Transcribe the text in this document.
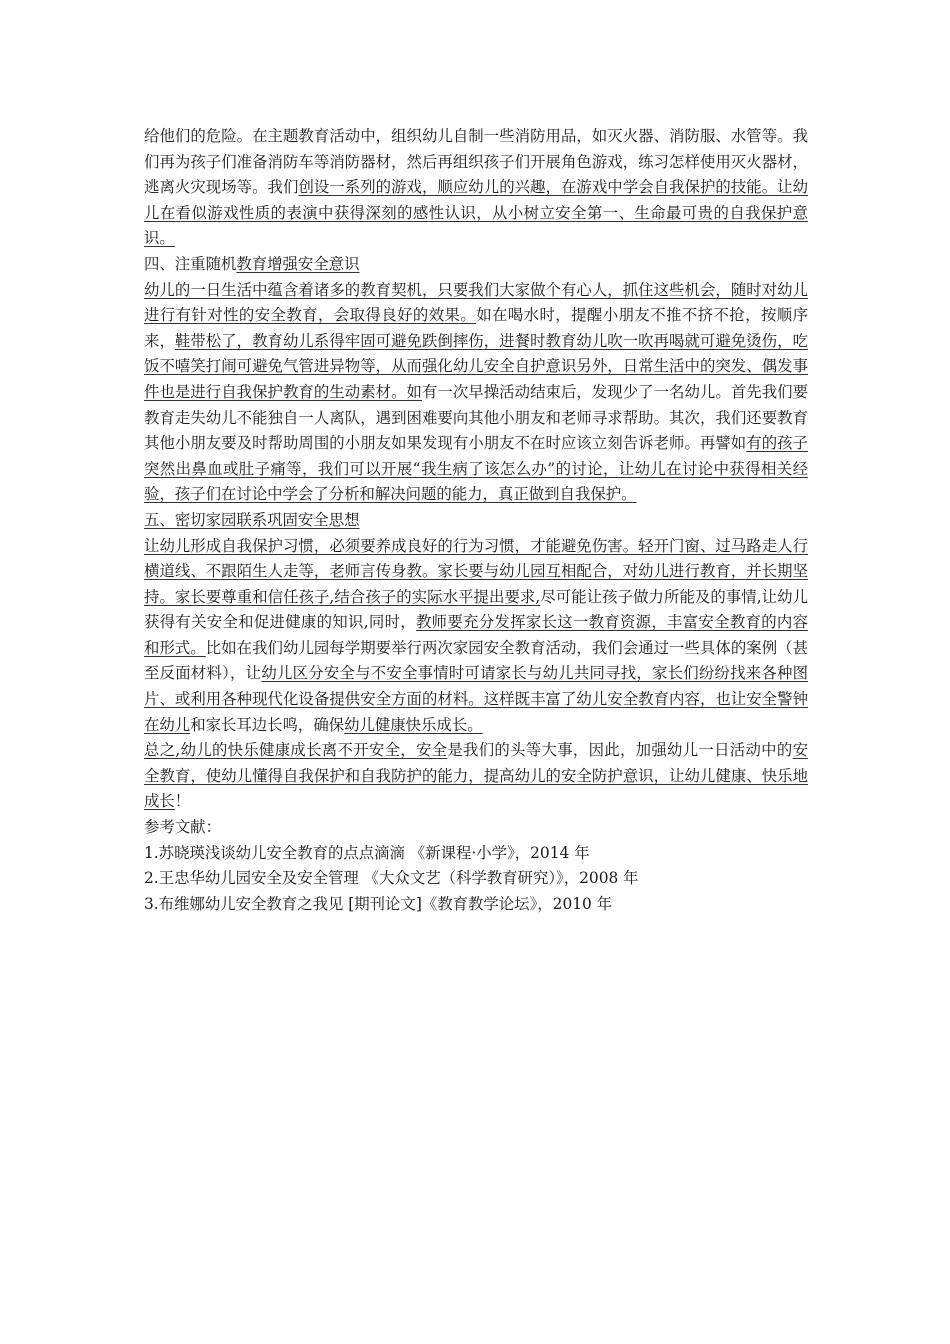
给他们的危险。在主题教育活动中，组织幼儿自制一些消防用品，如灭火器、消防服、水管等。我们再为孩子们准备消防车等消防器材，然后再组织孩子们开展角色游戏，练习怎样使用灭火器材，逃离火灾现场等。我们创设一系列的游戏，顺应幼儿的兴趣，在游戏中学会自我保护的技能。让幼儿在看似游戏性质的表演中获得深刻的感性认识，从小树立安全第一、生命最可贵的自我保护意识。

四、注重随机教育增强安全意识

幼儿的一日生活中蕴含着诸多的教育契机，只要我们大家做个有心人，抓住这些机会，随时对幼儿进行有针对性的安全教育，会取得良好的效果。如在喝水时，提醒小朋友不推不挤不抢，按顺序来，鞋带松了，教育幼儿系得牢固可避免跌倒摔伤，进餐时教育幼儿吹一吹再喝就可避免烫伤，吃饭不嘻笑打闹可避免气管进异物等，从而强化幼儿安全自护意识另外，日常生活中的突发、偶发事件也是进行自我保护教育的生动素材。如有一次早操活动结束后，发现少了一名幼儿。首先我们要教育走失幼儿不能独自一人离队，遇到困难要向其他小朋友和老师寻求帮助。其次，我们还要教育其他小朋友要及时帮助周围的小朋友如果发现有小朋友不在时应该立刻告诉老师。再譬如有的孩子突然出鼻血或肚子痛等，我们可以开展“我生病了该怎么办”的讨论，让幼儿在讨论中获得相关经验，孩子们在讨论中学会了分析和解决问题的能力，真正做到自我保护。

五、密切家园联系巩固安全思想

让幼儿形成自我保护习惯，必须要养成良好的行为习惯，才能避免伤害。轻开门窗、过马路走人行横道线、不跟陌生人走等，老师言传身教。家长要与幼儿园互相配合，对幼儿进行教育，并长期坚持。家长要尊重和信任孩子,结合孩子的实际水平提出要求,尽可能让孩子做力所能及的事情,让幼儿获得有关安全和促进健康的知识,同时，教师要充分发挥家长这一教育资源，丰富安全教育的内容和形式。比如在我们幼儿园每学期要举行两次家园安全教育活动，我们会通过一些具体的案例（甚至反面材料），让幼儿区分安全与不安全事情时可请家长与幼儿共同寻找，家长们纷纷找来各种图片、或利用各种现代化设备提供安全方面的材料。这样既丰富了幼儿安全教育内容，也让安全警钟在幼儿和家长耳边长鸣，确保幼儿健康快乐成长。

总之,幼儿的快乐健康成长离不开安全，安全是我们的头等大事，因此，加强幼儿一日活动中的安全教育，使幼儿懂得自我保护和自我防护的能力，提高幼儿的安全防护意识，让幼儿健康、快乐地成长！

参考文献：

1.苏晓瑛浅谈幼儿安全教育的点点滴滴 《新课程·小学》，2014 年

2.王忠华幼儿园安全及安全管理 《大众文艺（科学教育研究）》，2008 年

3.布维娜幼儿安全教育之我见 [期刊论文]《教育教学论坛》，2010 年
